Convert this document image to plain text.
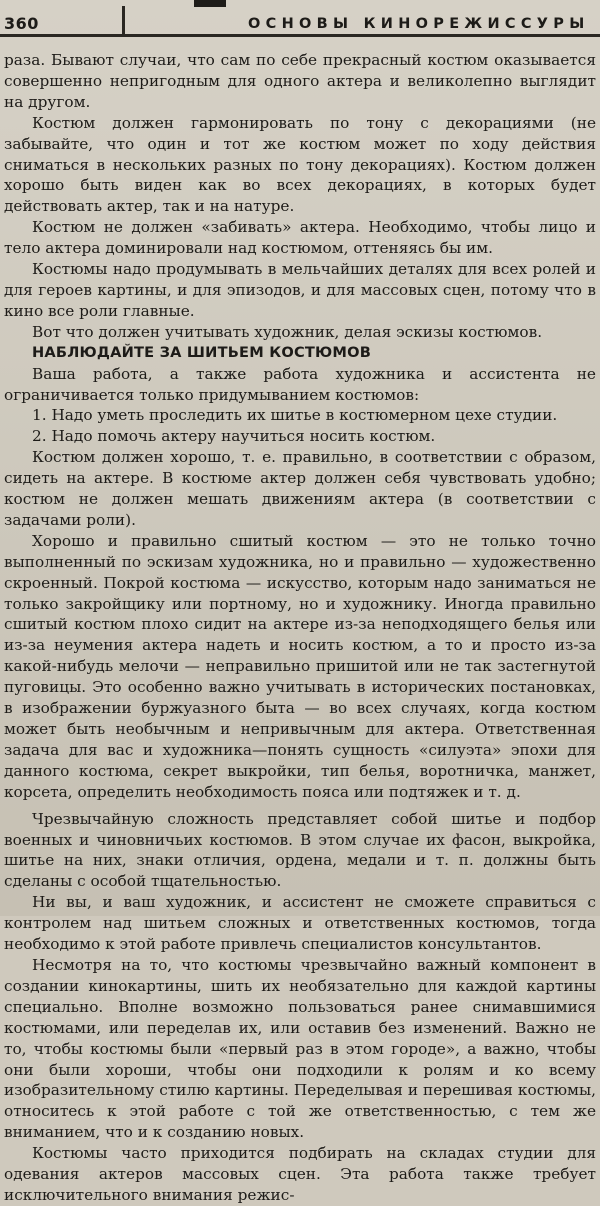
360	ОСНОВЫ КИНОРЕЖИССУРЫ

раза. Бывают случаи, что сам по себе прекрасный костюм оказывается совершенно непригодным для одного актера и великолепно выглядит на другом.

Костюм должен гармонировать по тону с декорациями (не забывайте, что один и тот же костюм может по ходу действия сниматься в нескольких разных по тону декорациях). Костюм должен хорошо быть виден как во всех декорациях, в которых будет действовать актер, так и на натуре.

Костюм не должен «забивать» актера. Необходимо, чтобы лицо и тело актера доминировали над костюмом, оттеняясь бы им.

Костюмы надо продумывать в мельчайших деталях для всех ролей и для героев картины, и для эпизодов, и для массовых сцен, потому что в кино все роли главные.

Вот что должен учитывать художник, делая эскизы костюмов.

НАБЛЮДАЙТЕ ЗА ШИТЬЕМ КОСТЮМОВ

Ваша работа, а также работа художника и ассистента не ограничивается только придумыванием костюмов:

1. Надо уметь проследить их шитье в костюмерном цехе студии.

2. Надо помочь актеру научиться носить костюм.

Костюм должен хорошо, т. е. правильно, в соответствии с образом, сидеть на актере. В костюме актер должен себя чувствовать удобно; костюм не должен мешать движениям актера (в соответствии с задачами роли).

Хорошо и правильно сшитый костюм — это не только точно выполненный по эскизам художника, но и правильно — художественно скроенный. Покрой костюма — искусство, которым надо заниматься не только закройщику или портному, но и художнику. Иногда правильно сшитый костюм плохо сидит на актере из-за неподходящего белья или из-за неумения актера надеть и носить костюм, а то и просто из-за какой-нибудь мелочи — неправильно пришитой или не так застегнутой пуговицы. Это особенно важно учитывать в исторических постановках, в изображении буржуазного быта — во всех случаях, когда костюм может быть необычным и непривычным для актера. Ответственная задача для вас и художника—понять сущность «силуэта» эпохи для данного костюма, секрет выкройки, тип белья, воротничка, манжет, корсета, определить необходимость пояса или подтяжек и т. д.

Чрезвычайную сложность представляет собой шитье и подбор военных и чиновничьих костюмов. В этом случае их фасон, выкройка, шитье на них, знаки отличия, ордена, медали и т. п. должны быть сделаны с особой тщательностью.

Ни вы, и ваш художник, и ассистент не сможете справиться с контролем над шитьем сложных и ответственных костюмов, тогда необходимо к этой работе привлечь специалистов консультантов.

Несмотря на то, что костюмы чрезвычайно важный компонент в создании кинокартины, шить их необязательно для каждой картины специально. Вполне возможно пользоваться ранее снимавшимися костюмами, или переделав их, или оставив без изменений. Важно не то, чтобы костюмы были «первый раз в этом городе», а важно, чтобы они были хороши, чтобы они подходили к ролям и ко всему изобразительному стилю картины. Переделывая и перешивая костюмы, относитесь к этой работе с той же ответственностью, с тем же вниманием, что и к созданию новых.

Костюмы часто приходится подбирать на складах студии для одевания актеров массовых сцен. Эта работа также требует исключительного внимания режис-
